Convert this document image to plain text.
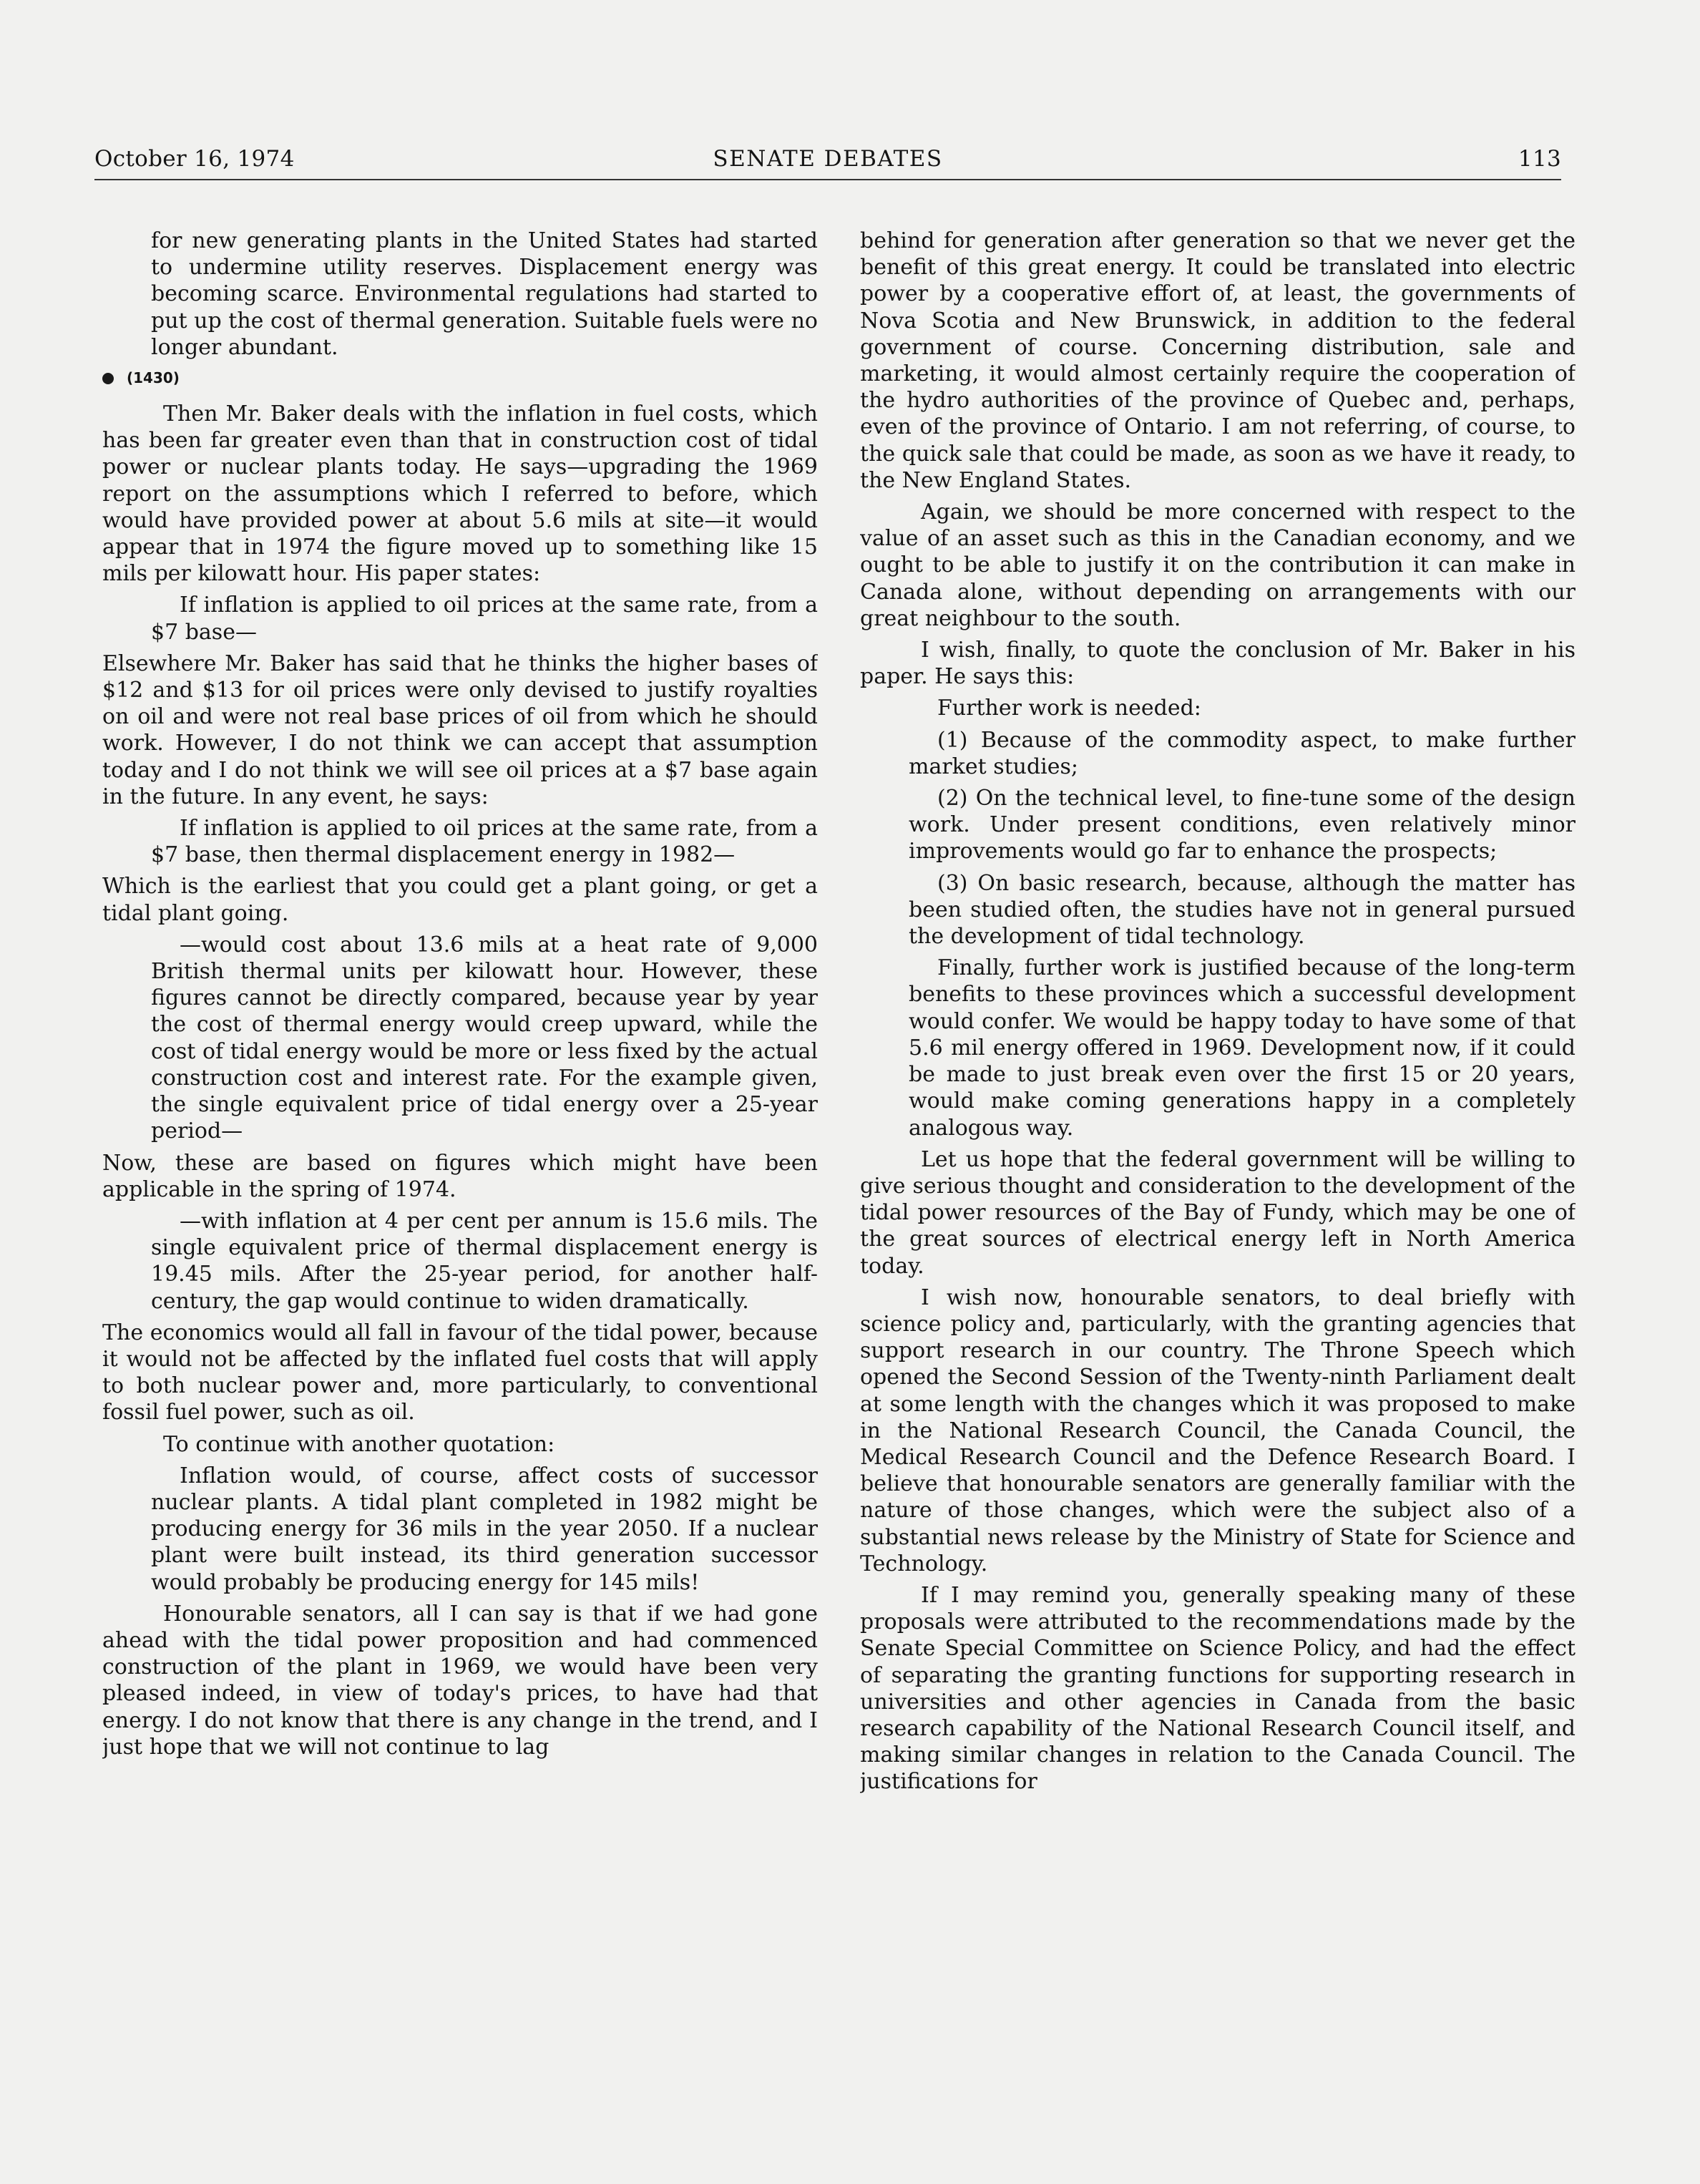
October 16, 1974	SENATE DEBATES	113

for new generating plants in the United States had started to undermine utility reserves. Displacement energy was becoming scarce. Environmental regulations had started to put up the cost of thermal generation. Suitable fuels were no longer abundant.

(1430)

Then Mr. Baker deals with the inflation in fuel costs, which has been far greater even than that in construction cost of tidal power or nuclear plants today. He says—upgrading the 1969 report on the assumptions which I referred to before, which would have provided power at about 5.6 mils at site—it would appear that in 1974 the figure moved up to something like 15 mils per kilowatt hour. His paper states:

If inflation is applied to oil prices at the same rate, from a $7 base—

Elsewhere Mr. Baker has said that he thinks the higher bases of $12 and $13 for oil prices were only devised to justify royalties on oil and were not real base prices of oil from which he should work. However, I do not think we can accept that assumption today and I do not think we will see oil prices at a $7 base again in the future. In any event, he says:

If inflation is applied to oil prices at the same rate, from a $7 base, then thermal displacement energy in 1982—

Which is the earliest that you could get a plant going, or get a tidal plant going.

—would cost about 13.6 mils at a heat rate of 9,000 British thermal units per kilowatt hour. However, these figures cannot be directly compared, because year by year the cost of thermal energy would creep upward, while the cost of tidal energy would be more or less fixed by the actual construction cost and interest rate. For the example given, the single equivalent price of tidal energy over a 25-year period—

Now, these are based on figures which might have been applicable in the spring of 1974.

—with inflation at 4 per cent per annum is 15.6 mils. The single equivalent price of thermal displacement energy is 19.45 mils. After the 25-year period, for another half-century, the gap would continue to widen dramatically.

The economics would all fall in favour of the tidal power, because it would not be affected by the inflated fuel costs that will apply to both nuclear power and, more particularly, to conventional fossil fuel power, such as oil.

To continue with another quotation:

Inflation would, of course, affect costs of successor nuclear plants. A tidal plant completed in 1982 might be producing energy for 36 mils in the year 2050. If a nuclear plant were built instead, its third generation successor would probably be producing energy for 145 mils!

Honourable senators, all I can say is that if we had gone ahead with the tidal power proposition and had commenced construction of the plant in 1969, we would have been very pleased indeed, in view of today's prices, to have had that energy. I do not know that there is any change in the trend, and I just hope that we will not continue to lag

behind for generation after generation so that we never get the benefit of this great energy. It could be translated into electric power by a cooperative effort of, at least, the governments of Nova Scotia and New Brunswick, in addition to the federal government of course. Concerning distribution, sale and marketing, it would almost certainly require the cooperation of the hydro authorities of the province of Quebec and, perhaps, even of the province of Ontario. I am not referring, of course, to the quick sale that could be made, as soon as we have it ready, to the New England States.

Again, we should be more concerned with respect to the value of an asset such as this in the Canadian economy, and we ought to be able to justify it on the contribution it can make in Canada alone, without depending on arrangements with our great neighbour to the south.

I wish, finally, to quote the conclusion of Mr. Baker in his paper. He says this:

Further work is needed:

(1) Because of the commodity aspect, to make further market studies;

(2) On the technical level, to fine-tune some of the design work. Under present conditions, even relatively minor improvements would go far to enhance the prospects;

(3) On basic research, because, although the matter has been studied often, the studies have not in general pursued the development of tidal technology.

Finally, further work is justified because of the long-term benefits to these provinces which a successful development would confer. We would be happy today to have some of that 5.6 mil energy offered in 1969. Development now, if it could be made to just break even over the first 15 or 20 years, would make coming generations happy in a completely analogous way.

Let us hope that the federal government will be willing to give serious thought and consideration to the development of the tidal power resources of the Bay of Fundy, which may be one of the great sources of electrical energy left in North America today.

I wish now, honourable senators, to deal briefly with science policy and, particularly, with the granting agencies that support research in our country. The Throne Speech which opened the Second Session of the Twenty-ninth Parliament dealt at some length with the changes which it was proposed to make in the National Research Council, the Canada Council, the Medical Research Council and the Defence Research Board. I believe that honourable senators are generally familiar with the nature of those changes, which were the subject also of a substantial news release by the Ministry of State for Science and Technology.

If I may remind you, generally speaking many of these proposals were attributed to the recommendations made by the Senate Special Committee on Science Policy, and had the effect of separating the granting functions for supporting research in universities and other agencies in Canada from the basic research capability of the National Research Council itself, and making similar changes in relation to the Canada Council. The justifications for
